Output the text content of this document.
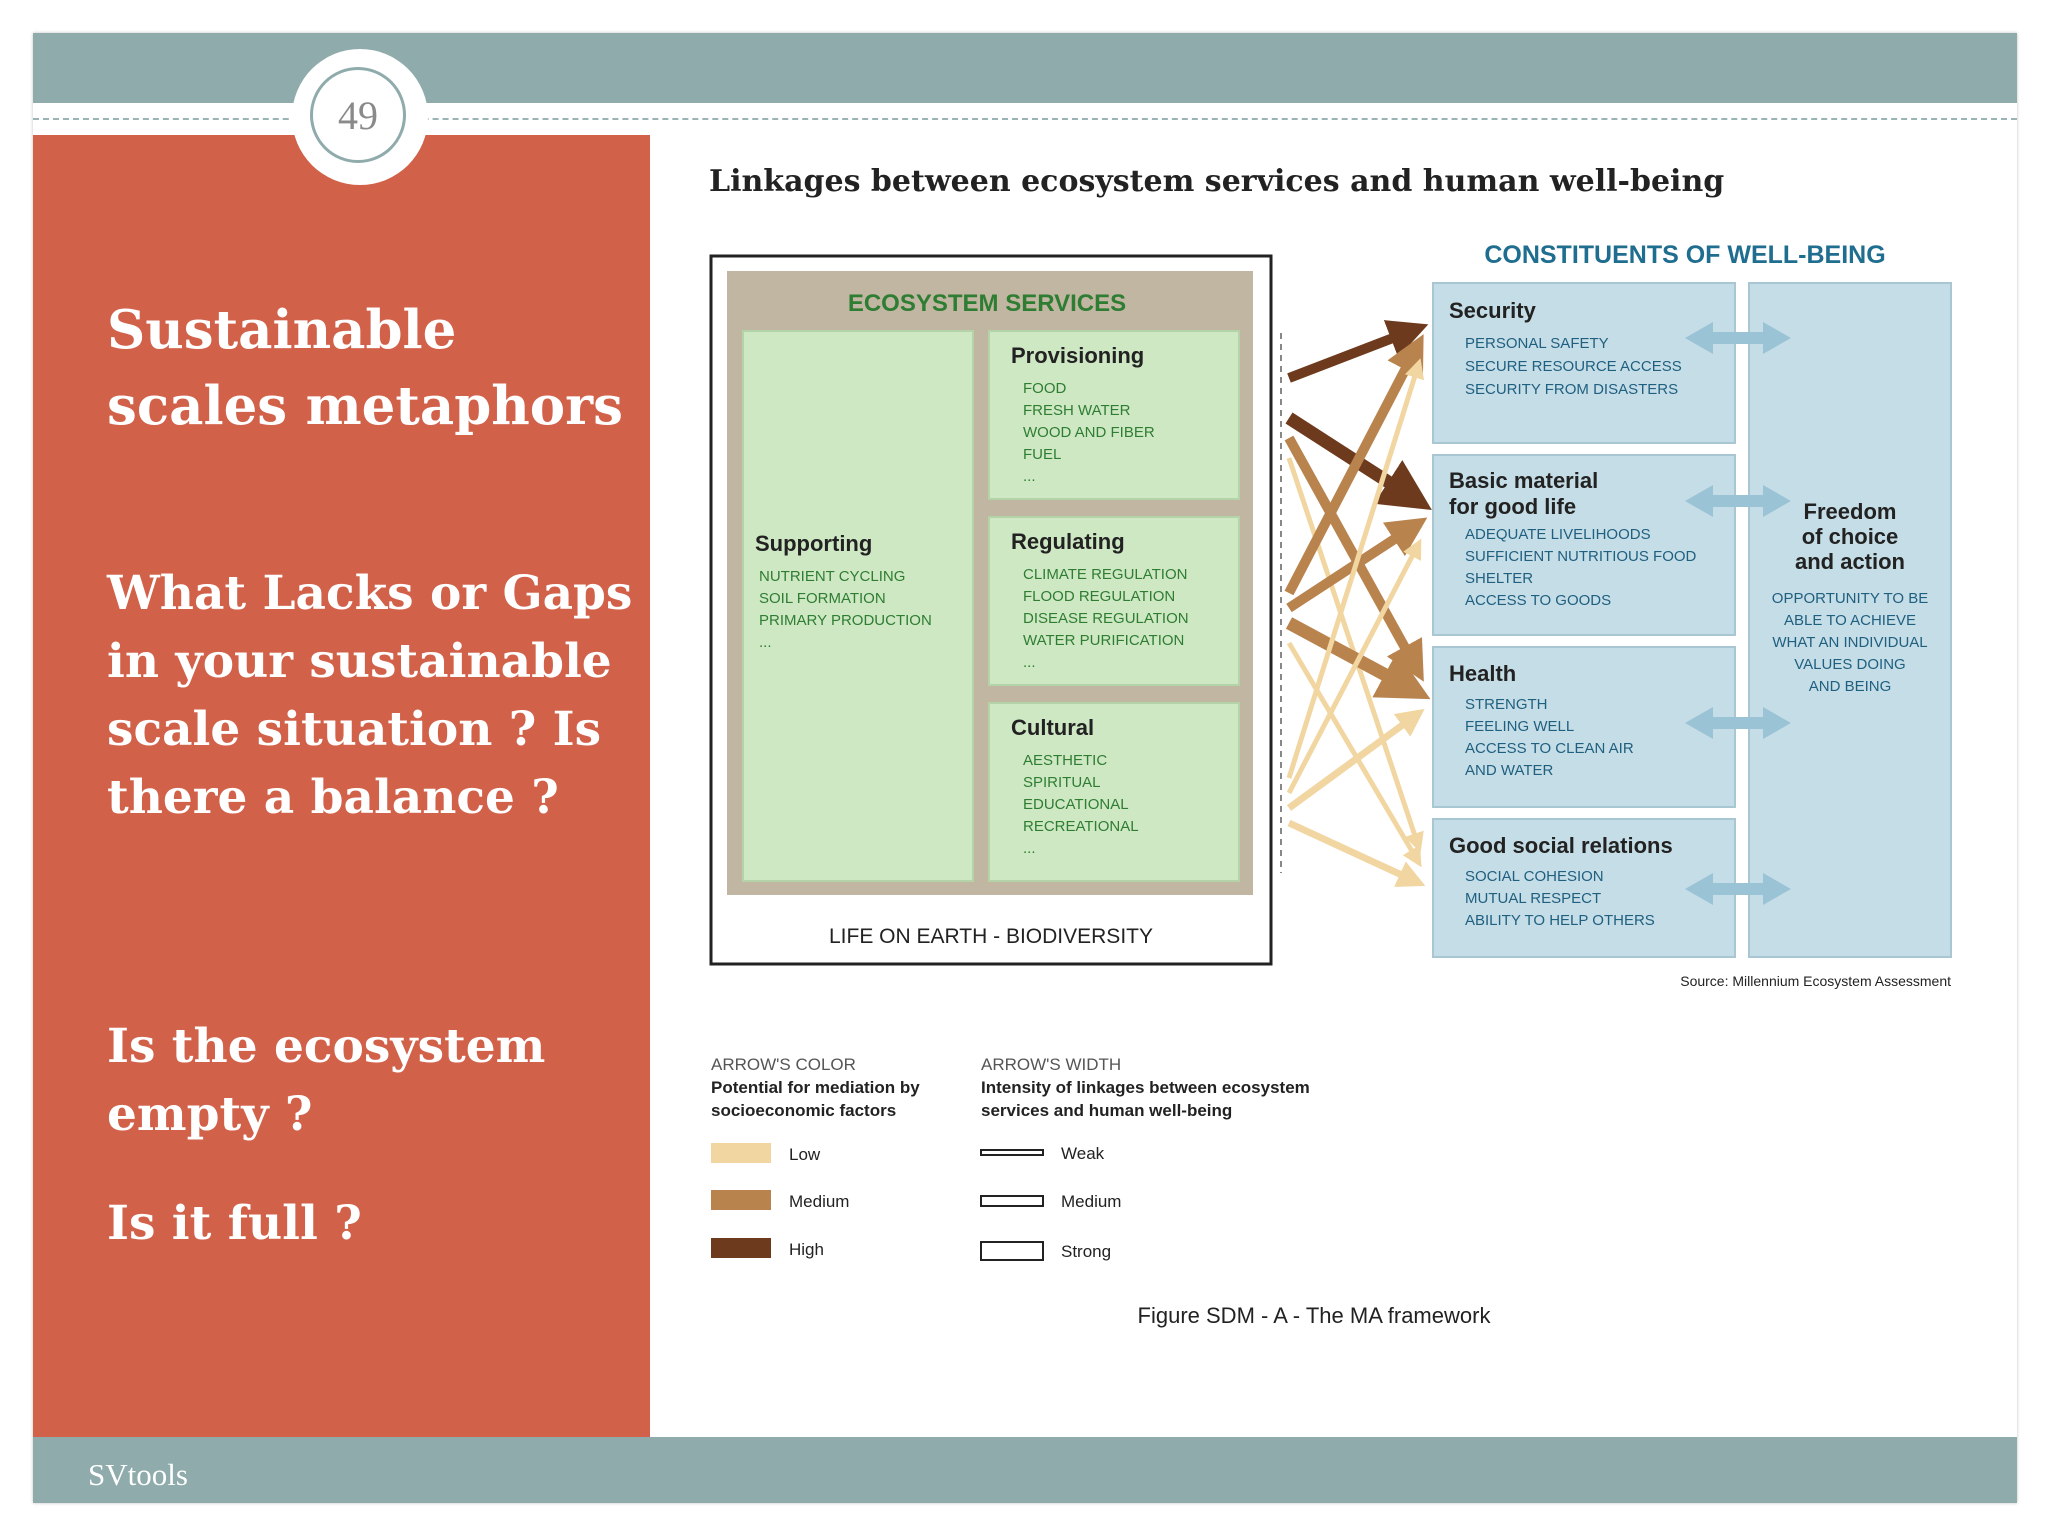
Sustainable scales metaphors

What Lacks or Gaps in your sustainable scale situation ? Is there a balance ?

Is the ecosystem empty ?

Is it full ?

49
Linkages between ecosystem services and human well-being
ECOSYSTEM SERVICES
Supporting
NUTRIENT CYCLING
SOIL FORMATION
PRIMARY PRODUCTION
...
Provisioning
FOOD
FRESH WATER
WOOD AND FIBER
FUEL
...
Regulating
CLIMATE REGULATION
FLOOD REGULATION
DISEASE REGULATION
WATER PURIFICATION
...
Cultural
AESTHETIC
SPIRITUAL
EDUCATIONAL
RECREATIONAL
...
LIFE ON EARTH - BIODIVERSITY
CONSTITUENTS OF WELL-BEING
Security
PERSONAL SAFETY
SECURE RESOURCE ACCESS
SECURITY FROM DISASTERS
Basic material
for good life
ADEQUATE LIVELIHOODS
SUFFICIENT NUTRITIOUS FOOD
SHELTER
ACCESS TO GOODS
Health
STRENGTH
FEELING WELL
ACCESS TO CLEAN AIR
AND WATER
Good social relations
SOCIAL COHESION
MUTUAL RESPECT
ABILITY TO HELP OTHERS
Freedom
of choice
and action
OPPORTUNITY TO BE
ABLE TO ACHIEVE
WHAT AN INDIVIDUAL
VALUES DOING
AND BEING
Source: Millennium Ecosystem Assessment
ARROW'S COLOR
Potential for mediation by
socioeconomic factors
Low
Medium
High
ARROW'S WIDTH
Intensity of linkages between ecosystem
services and human well-being
Weak
Medium
Strong
Figure SDM - A - The MA framework
SVtools
